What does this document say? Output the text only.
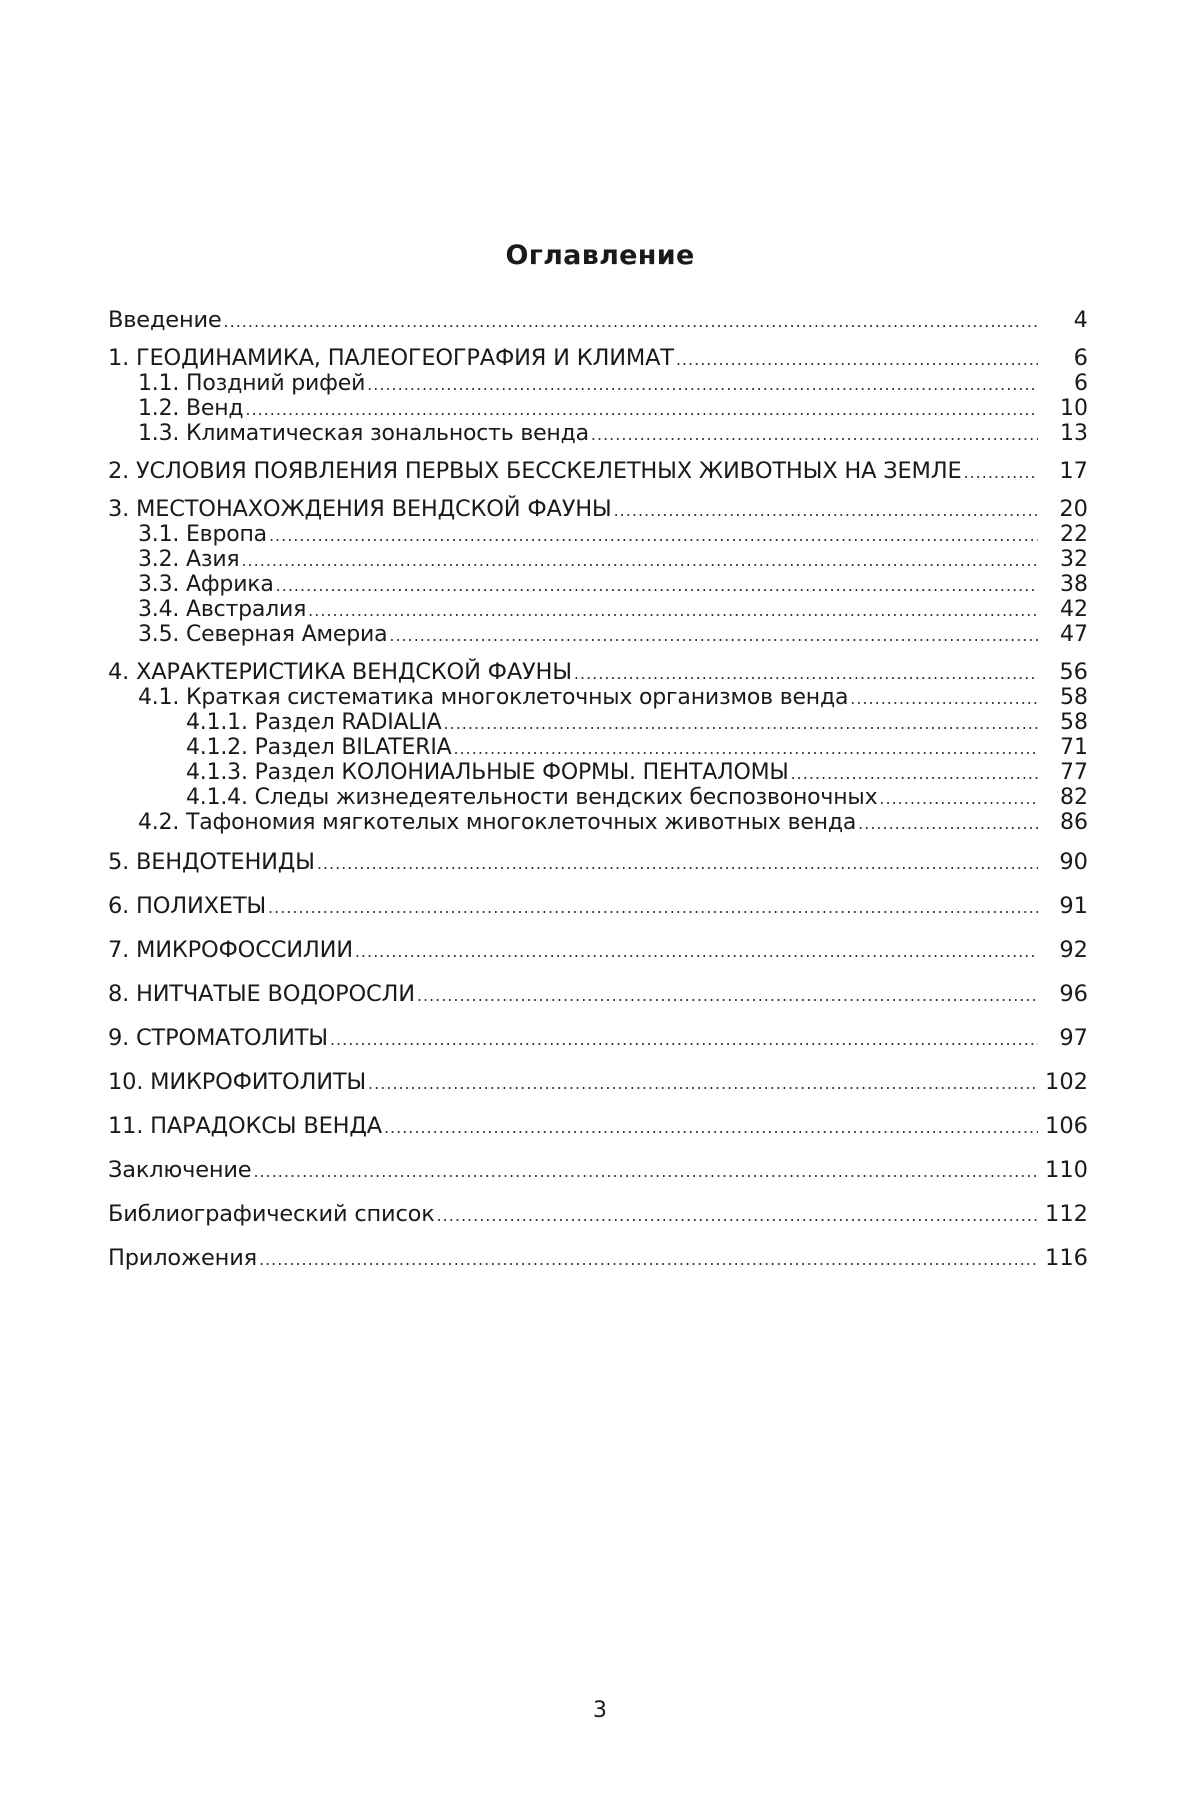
Оглавление
Введение .....	4
1. ГЕОДИНАМИКА, ПАЛЕОГЕОГРАФИЯ И КЛИМАТ .....	6
1.1. Поздний рифей .....	6
1.2. Венд .....	10
1.3. Климатическая зональность венда .....	13
2. УСЛОВИЯ ПОЯВЛЕНИЯ ПЕРВЫХ БЕССКЕЛЕТНЫХ ЖИВОТНЫХ НА ЗЕМЛЕ .....	17
3. МЕСТОНАХОЖДЕНИЯ ВЕНДСКОЙ ФАУНЫ .....	20
3.1. Европа .....	22
3.2. Азия .....	32
3.3. Африка .....	38
3.4. Австралия .....	42
3.5. Северная Америа .....	47
4. ХАРАКТЕРИСТИКА ВЕНДСКОЙ ФАУНЫ .....	56
4.1. Краткая систематика многоклеточных организмов венда .....	58
4.1.1. Раздел RADIALIA .....	58
4.1.2. Раздел BILATERIA .....	71
4.1.3. Раздел КОЛОНИАЛЬНЫЕ ФОРМЫ. ПЕНТАЛОМЫ .....	77
4.1.4. Следы жизнедеятельности вендских беспозвоночных .....	82
4.2. Тафономия мягкотелых многоклеточных животных венда .....	86
5. ВЕНДОТЕНИДЫ .....	90
6. ПОЛИХЕТЫ .....	91
7. МИКРОФОССИЛИИ .....	92
8. НИТЧАТЫЕ ВОДОРОСЛИ .....	96
9. СТРОМАТОЛИТЫ .....	97
10. МИКРОФИТОЛИТЫ .....	102
11. ПАРАДОКСЫ ВЕНДА .....	106
Заключение .....	110
Библиографический список .....	112
Приложения .....	116
3
